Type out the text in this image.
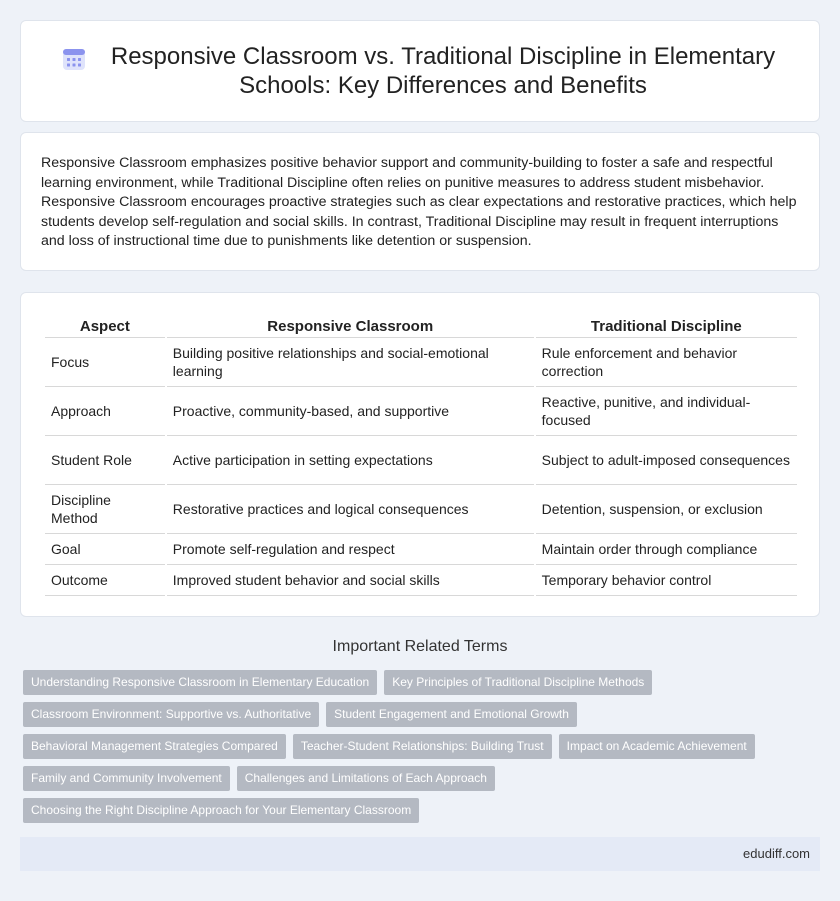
Responsive Classroom vs. Traditional Discipline in Elementary Schools: Key Differences and Benefits

Responsive Classroom emphasizes positive behavior support and community-building to foster a safe and respectful learning environment, while Traditional Discipline often relies on punitive measures to address student misbehavior. Responsive Classroom encourages proactive strategies such as clear expectations and restorative practices, which help students develop self-regulation and social skills. In contrast, Traditional Discipline may result in frequent interruptions and loss of instructional time due to punishments like detention or suspension.

Aspect	Responsive Classroom	Traditional Discipline
Focus	Building positive relationships and social-emotional learning	Rule enforcement and behavior correction
Approach	Proactive, community-based, and supportive	Reactive, punitive, and individual-focused
Student Role	Active participation in setting expectations	Subject to adult-imposed consequences
Discipline Method	Restorative practices and logical consequences	Detention, suspension, or exclusion
Goal	Promote self-regulation and respect	Maintain order through compliance
Outcome	Improved student behavior and social skills	Temporary behavior control
Important Related Terms
Understanding Responsive Classroom in Elementary Education	Key Principles of Traditional Discipline Methods
Classroom Environment: Supportive vs. Authoritative	Student Engagement and Emotional Growth
Behavioral Management Strategies Compared	Teacher-Student Relationships: Building Trust	Impact on Academic Achievement
Family and Community Involvement	Challenges and Limitations of Each Approach
Choosing the Right Discipline Approach for Your Elementary Classroom
edudiff.com
